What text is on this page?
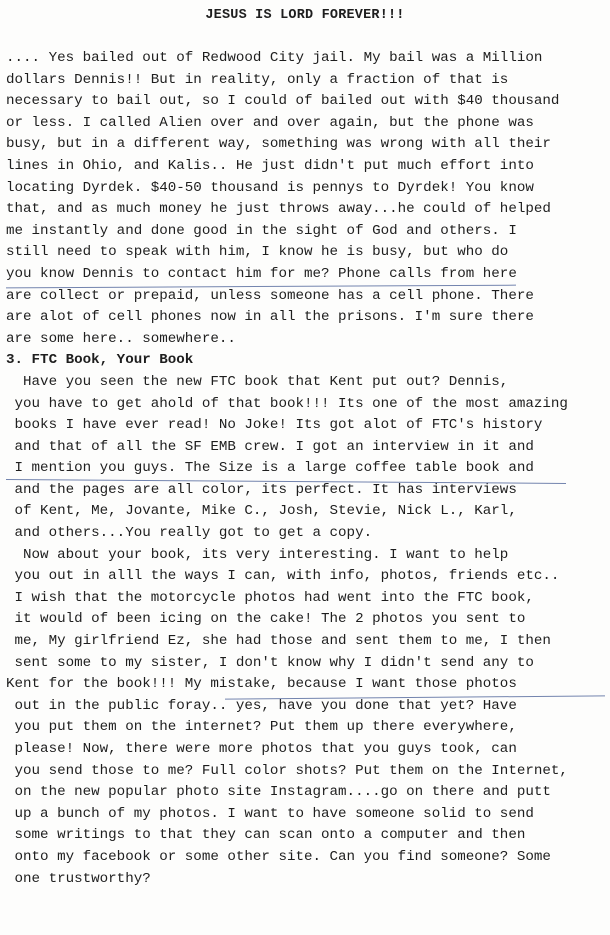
JESUS IS LORD FOREVER!!!
.... Yes bailed out of Redwood City jail. My bail was a Million
dollars Dennis!! But in reality, only a fraction of that is
necessary to bail out, so I could of bailed out with $40 thousand
or less. I called Alien over and over again, but the phone was
busy, but in a different way, something was wrong with all their
lines in Ohio, and Kalis.. He just didn't put much effort into
locating Dyrdek. $40-50 thousand is pennys to Dyrdek! You know
that, and as much money he just throws away...he could of helped
me instantly and done good in the sight of God and others. I
still need to speak with him, I know he is busy, but who do
you know Dennis to contact him for me? Phone calls from here
are collect or prepaid, unless someone has a cell phone. There
are alot of cell phones now in all the prisons. I'm sure there
are some here.. somewhere..
3. FTC Book, Your Book
Have you seen the new FTC book that Kent put out? Dennis,
you have to get ahold of that book!!! Its one of the most amazing
books I have ever read! No Joke! Its got alot of FTC's history
and that of all the SF EMB crew. I got an interview in it and
I mention you guys. The Size is a large coffee table book and
and the pages are all color, its perfect. It has interviews
of Kent, Me, Jovante, Mike C., Josh, Stevie, Nick L., Karl,
and others...You really got to get a copy.
Now about your book, its very interesting. I want to help
you out in alll the ways I can, with info, photos, friends etc..
I wish that the motorcycle photos had went into the FTC book,
it would of been icing on the cake! The 2 photos you sent to
me, My girlfriend Ez, she had those and sent them to me, I then
sent some to my sister, I don't know why I didn't send any to
Kent for the book!!! My mistake, because I want those photos
out in the public foray.. yes, have you done that yet? Have
you put them on the internet? Put them up there everywhere,
please! Now, there were more photos that you guys took, can
you send those to me? Full color shots? Put them on the Internet,
on the new popular photo site Instagram....go on there and putt
up a bunch of my photos. I want to have someone solid to send
some writings to that they can scan onto a computer and then
onto my facebook or some other site. Can you find someone? Some
one trustworthy?
